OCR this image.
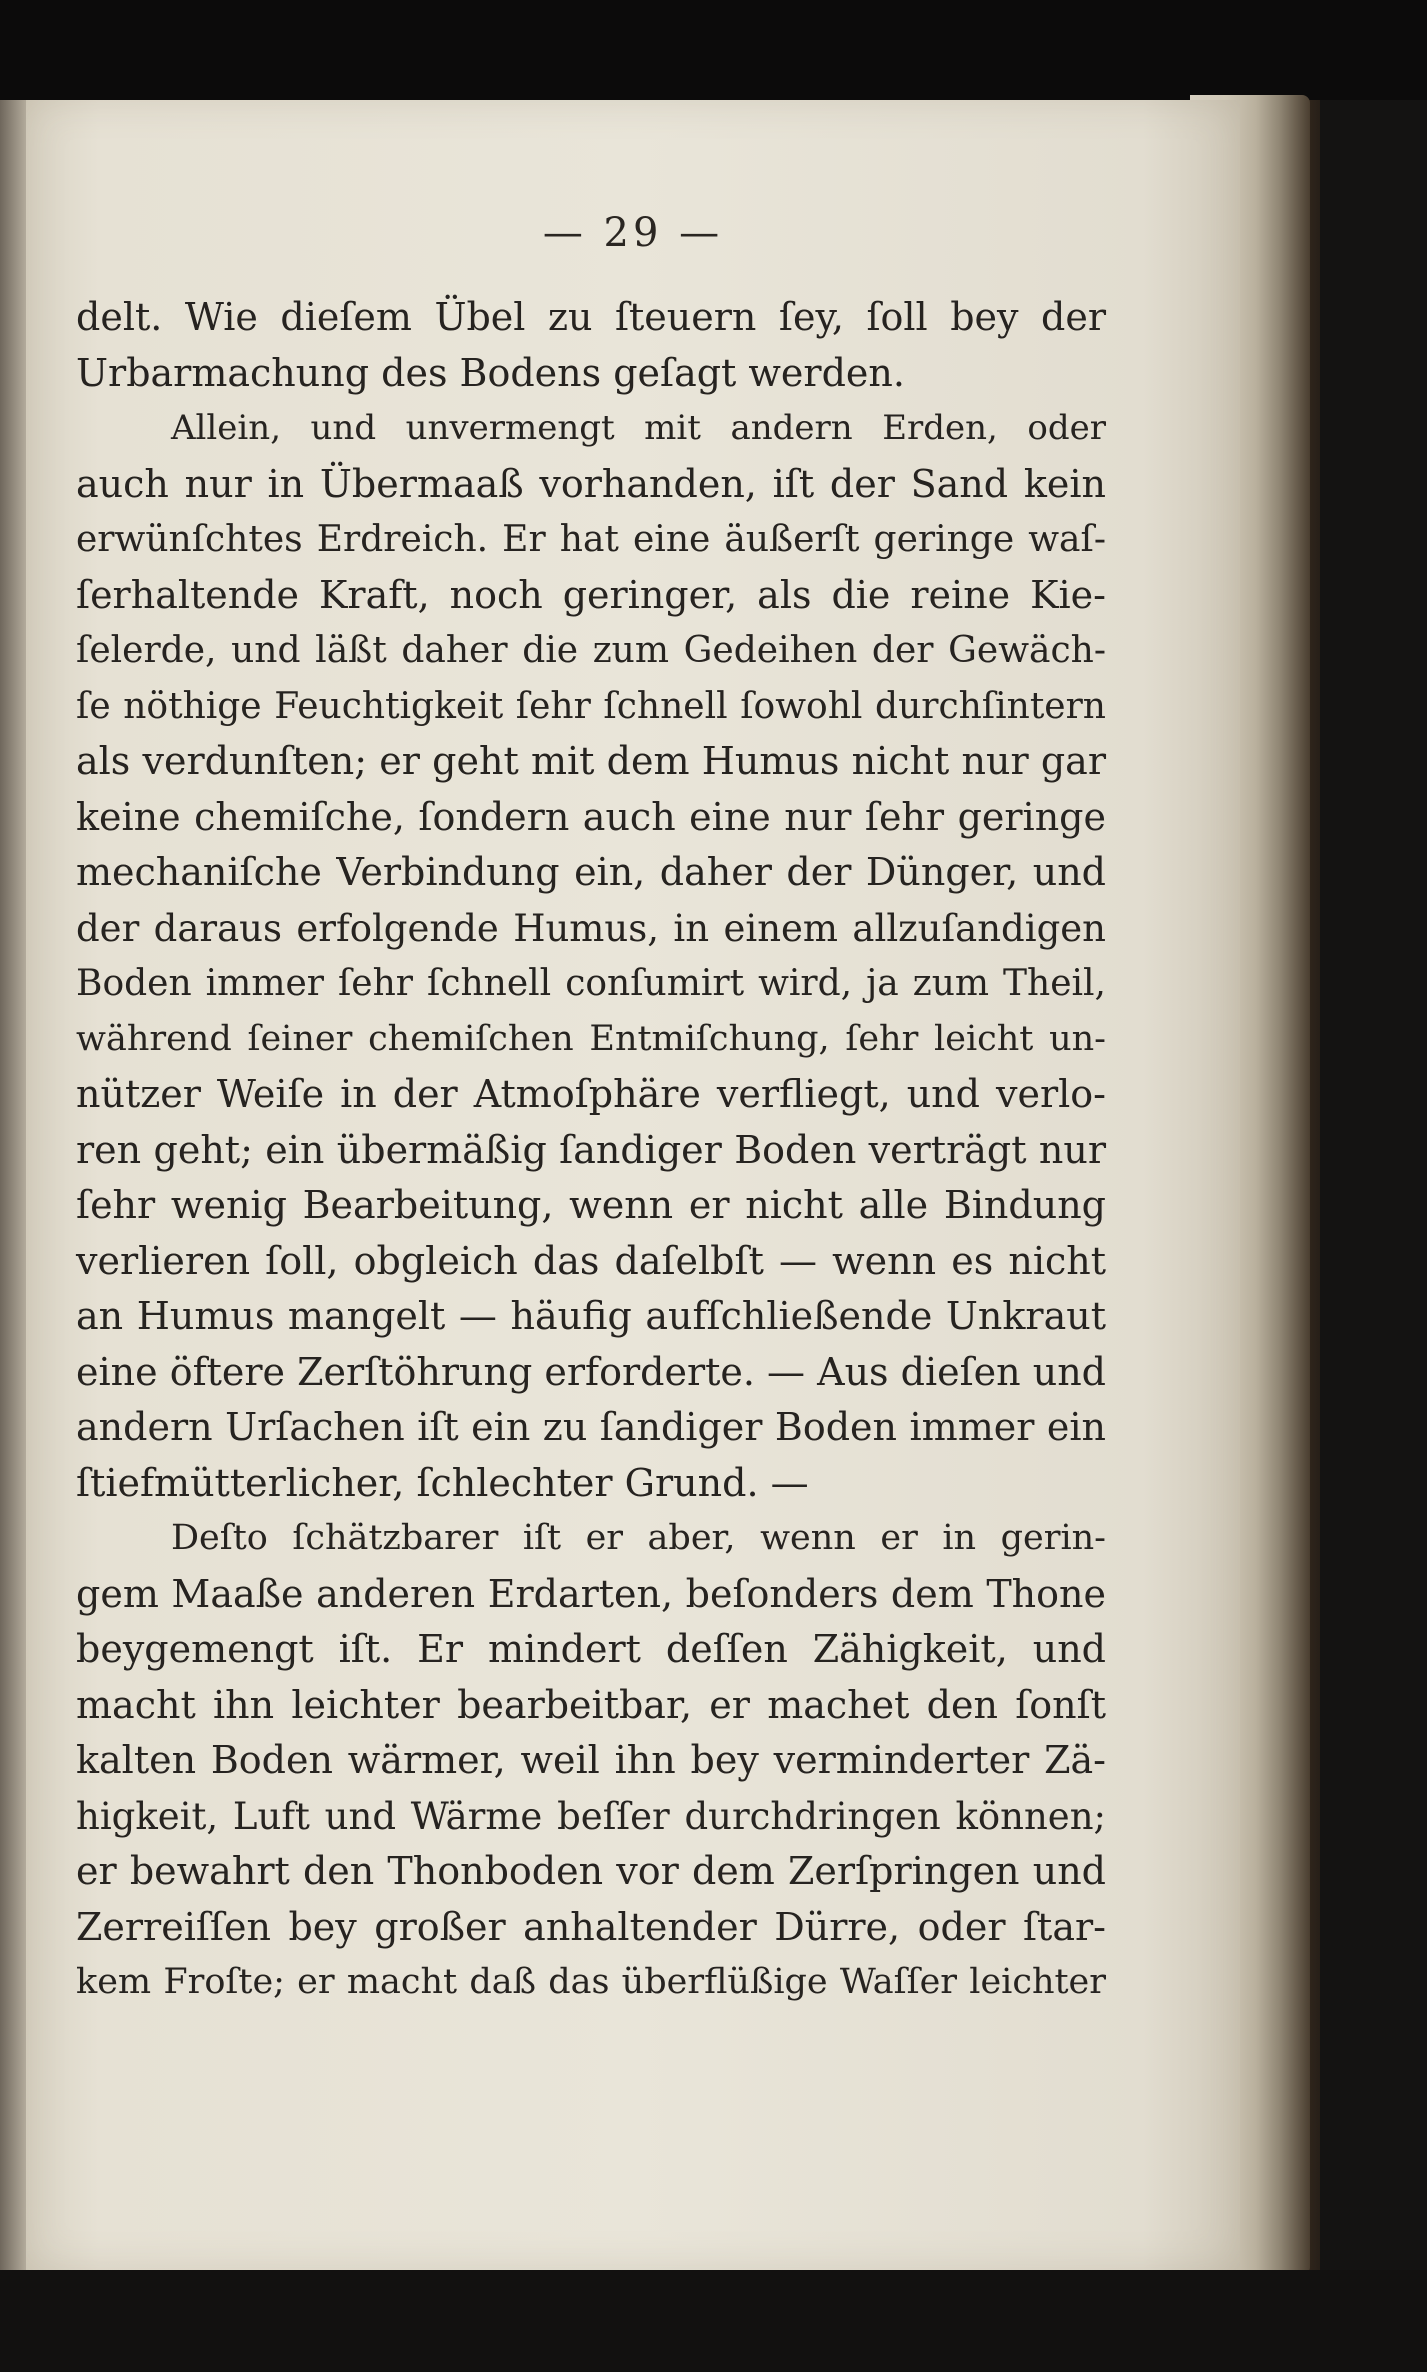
— 29 —
delt. Wie dieſem Übel zu ſteuern ſey, ſoll bey der
Urbarmachung des Bodens geſagt werden.
Allein, und unvermengt mit andern Erden, oder
auch nur in Übermaaß vorhanden, iſt der Sand kein
erwünſchtes Erdreich. Er hat eine äußerſt geringe waſ-
ſerhaltende Kraft, noch geringer, als die reine Kie-
ſelerde, und läßt daher die zum Gedeihen der Gewäch-
ſe nöthige Feuchtigkeit ſehr ſchnell ſowohl durchſintern
als verdunſten; er geht mit dem Humus nicht nur gar
keine chemiſche, ſondern auch eine nur ſehr geringe
mechaniſche Verbindung ein, daher der Dünger, und
der daraus erfolgende Humus, in einem allzuſandigen
Boden immer ſehr ſchnell conſumirt wird, ja zum Theil,
während ſeiner chemiſchen Entmiſchung, ſehr leicht un-
nützer Weiſe in der Atmoſphäre verfliegt, und verlo-
ren geht; ein übermäßig ſandiger Boden verträgt nur
ſehr wenig Bearbeitung, wenn er nicht alle Bindung
verlieren ſoll, obgleich das daſelbſt — wenn es nicht
an Humus mangelt — häufig aufſchließende Unkraut
eine öftere Zerſtöhrung erforderte. — Aus dieſen und
andern Urſachen iſt ein zu ſandiger Boden immer ein
ſtiefmütterlicher, ſchlechter Grund. —
Deſto ſchätzbarer iſt er aber, wenn er in gerin-
gem Maaße anderen Erdarten, beſonders dem Thone
beygemengt iſt. Er mindert deſſen Zähigkeit, und
macht ihn leichter bearbeitbar, er machet den ſonſt
kalten Boden wärmer, weil ihn bey verminderter Zä-
higkeit, Luft und Wärme beſſer durchdringen können;
er bewahrt den Thonboden vor dem Zerſpringen und
Zerreiſſen bey großer anhaltender Dürre, oder ſtar-
kem Froſte; er macht daß das überflüßige Waſſer leichter
